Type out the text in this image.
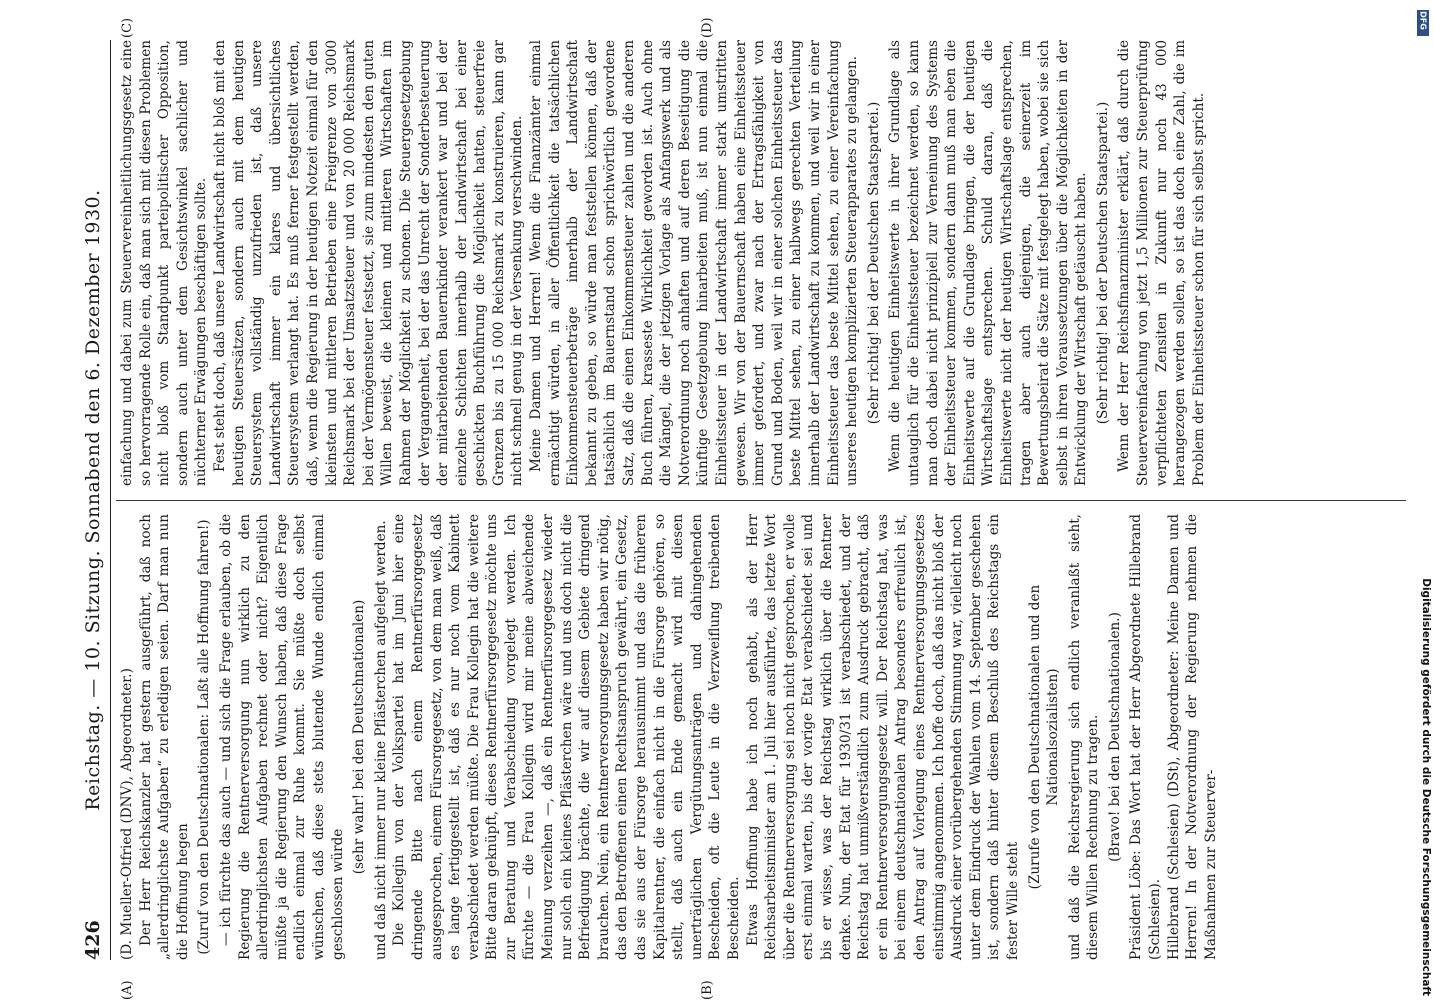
426
Reichstag. — 10. Sitzung. Sonnabend den 6. Dezember 1930.
(A)	(B)
(C)	(D)

(D. Mueller-Otfried (DNV), Abgeordneter.) Der Herr Reichskanzler hat gestern ausgeführt, daß noch „allerdringlichste Aufgaben“ zu erledigen seien. Darf man nun die Hoffnung hegen (Zuruf von den Deutschnationalen: Laßt alle Hoffnung fahren!) — ich fürchte das auch — und sich die Frage erlauben, ob die Regierung die Rentnerversorgung nun wirklich zu den allerdringlichsten Aufgaben rechnet oder nicht? Eigentlich müßte ja die Regierung den Wunsch haben, daß diese Frage endlich einmal zur Ruhe kommt. Sie müßte doch selbst wünschen, daß diese stets blutende Wunde endlich einmal geschlossen würde

(sehr wahr! bei den Deutschnationalen) und daß nicht immer nur kleine Pflästerchen aufgelegt werden. Die Kollegin von der Volkspartei hat im Juni hier eine dringende Bitte nach einem Rentnerfürsorgegesetz ausgesprochen, einem Fürsorgegesetz, von dem man weiß, daß es lange fertiggestellt ist, daß es nur noch vom Kabinett verabschiedet werden müßte. Die Frau Kollegin hat die weitere Bitte daran geknüpft, dieses Rentnerfürsorgegesetz möchte uns zur Beratung und Verabschiedung vorgelegt werden. Ich fürchte — die Frau Kollegin wird mir meine abweichende Meinung verzeihen —, daß ein Rentnerfürsorgegesetz wieder nur solch ein kleines Pflästerchen wäre und uns doch nicht die Befriedigung brächte, die wir auf diesem Gebiete dringend brauchen. Nein, ein Rentnerversorgungsgesetz haben wir nötig, das den Betroffenen einen Rechtsanspruch gewährt, ein Gesetz, das sie aus der Fürsorge herausnimmt und das die früheren Kapitalrentner, die einfach nicht in die Fürsorge gehören, so stellt, daß auch ein Ende gemacht wird mit diesen unerträglichen Vergütungsanträgen und dahingehenden Bescheiden, oft die Leute in die Verzweiflung treibenden Bescheiden. Etwas Hoffnung habe ich noch gehabt, als der Herr Reichsarbeitsminister am 1. Juli hier ausführte, das letzte Wort über die Rentnerversorgung sei noch nicht gesprochen, er wolle erst einmal warten, bis der vorige Etat verabschiedet sei und bis er wisse, was der Reichstag wirklich über die Rentner denke. Nun, der Etat für 1930/31 ist verabschiedet, und der Reichstag hat unmißverständlich zum Ausdruck gebracht, daß er ein Rentnerversorgungsgesetz will. Der Reichstag hat, was bei einem deutschnationalen Antrag besonders erfreulich ist, den Antrag auf Vorlegung eines Rentnerversorgungsgesetzes einstimmig angenommen. Ich hoffe doch, daß das nicht bloß der Ausdruck einer vorübergehenden Stimmung war, vielleicht noch unter dem Eindruck der Wahlen vom 14. September geschehen ist, sondern daß hinter diesem Beschluß des Reichstags ein fester Wille steht

(Zurufe von den Deutschnationalen und den Nationalsozialisten) und daß die Reichsregierung sich endlich veranlaßt sieht, diesem Willen Rechnung zu tragen. (Bravo! bei den Deutschnationalen.) Präsident Löbe: Das Wort hat der Herr Abgeordnete Hillebrand (Schlesien). Hillebrand (Schlesien) (DSt), Abgeordneter: Meine Damen und Herren! In der Notverordnung der Regierung nehmen die Maßnahmen zur Steuerver-

einfachung und dabei zum Steuervereinheitlichungsgesetz eine so hervorragende Rolle ein, daß man sich mit diesen Problemen nicht bloß vom Standpunkt parteipolitischer Opposition, sondern auch unter dem Gesichtswinkel sachlicher und nüchterner Erwägungen beschäftigen sollte. Fest steht doch, daß unsere Landwirtschaft nicht bloß mit den heutigen Steuersätzen, sondern auch mit dem heutigen Steuersystem vollständig unzufrieden ist, daß unsere Landwirtschaft immer ein klares und übersichtliches Steuersystem verlangt hat. Es muß ferner festgestellt werden, daß, wenn die Regierung in der heutigen Notzeit einmal für den kleinsten und mittleren Betrieben eine Freigrenze von 3000 Reichsmark bei der Umsatzsteuer und von 20 000 Reichsmark bei der Vermögensteuer festsetzt, sie zum mindesten den guten Willen beweist, die kleinen und mittleren Wirtschaften im Rahmen der Möglichkeit zu schonen. Die Steuergesetzgebung der Vergangenheit, bei der das Unrecht der Sonderbesteuerung der mitarbeitenden Bauernkinder verankert war und bei der einzelne Schichten innerhalb der Landwirtschaft bei einer geschickten Buchführung die Möglichkeit hatten, steuerfreie Grenzen bis zu 15 000 Reichsmark zu konstruieren, kann gar nicht schnell genug in der Versenkung verschwinden. Meine Damen und Herren! Wenn die Finanzämter einmal ermächtigt würden, in aller Öffentlichkeit die tatsächlichen Einkommensteuerbeträge innerhalb der Landwirtschaft bekannt zu geben, so würde man feststellen können, daß der tatsächlich im Bauernstand schon sprichwörtlich gewordene Satz, daß die einen Einkommensteuer zahlen und die anderen Buch führen, krasseste Wirklichkeit geworden ist. Auch ohne die Mängel, die der jetzigen Vorlage als Anfangswerk und als Notverordnung noch anhaften und auf deren Beseitigung die künftige Gesetzgebung hinarbeiten muß, ist nun einmal die Einheitssteuer in der Landwirtschaft immer stark umstritten gewesen. Wir von der Bauernschaft haben eine Einheitssteuer immer gefordert, und zwar nach der Ertragsfähigkeit von Grund und Boden, weil wir in einer solchen Einheitssteuer das beste Mittel sehen, zu einer halbwegs gerechten Verteilung innerhalb der Landwirtschaft zu kommen, und weil wir in einer Einheitssteuer das beste Mittel sehen, zu einer Vereinfachung unseres heutigen komplizierten Steuerapparates zu gelangen. (Sehr richtig! bei der Deutschen Staatspartei.) Wenn die heutigen Einheitswerte in ihrer Grundlage als untauglich für die Einheitssteuer bezeichnet werden, so kann man doch dabei nicht prinzipiell zur Verneinung des Systems der Einheitssteuer kommen, sondern dann muß man eben die Einheitswerte auf die Grundlage bringen, die der heutigen Wirtschaftslage entsprechen. Schuld daran, daß die Einheitswerte nicht der heutigen Wirtschaftslage entsprechen, tragen aber auch diejenigen, die seinerzeit im Bewertungsbeirat die Sätze mit festgelegt haben, wobei sie sich selbst in ihren Voraussetzungen über die Möglichkeiten in der Entwicklung der Wirtschaft getäuscht haben. (Sehr richtig! bei der Deutschen Staatspartei.) Wenn der Herr Reichsfinanzminister erklärt, daß durch die Steuervereinfachung von jetzt 1,5 Millionen zur Steuerprüfung verpflichteten Zensiten in Zukunft nur noch 43 000 herangezogen werden sollen, so ist das doch eine Zahl, die im Problem der Einheitssteuer schon für sich selbst spricht.

DFG
Digitalisierung gefördert durch die Deutsche Forschungsgemeinschaft
